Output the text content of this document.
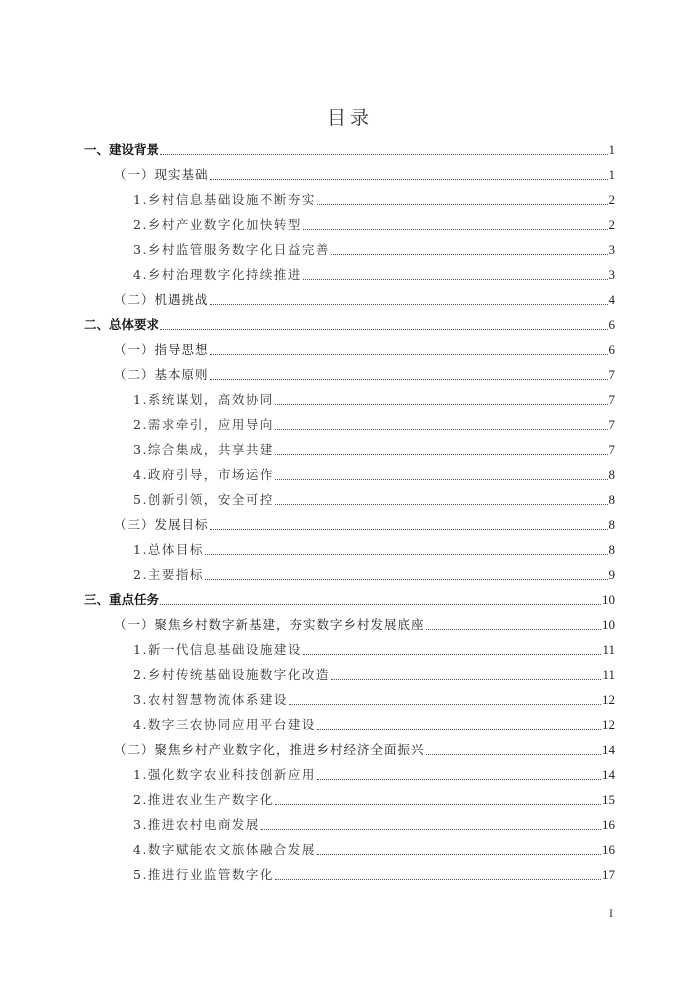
目录
一、建设背景	1
（一）现实基础	1
1.乡村信息基础设施不断夯实	2
2.乡村产业数字化加快转型	2
3.乡村监管服务数字化日益完善	3
4.乡村治理数字化持续推进	3
（二）机遇挑战	4
二、总体要求	6
（一）指导思想	6
（二）基本原则	7
1.系统谋划，高效协同	7
2.需求牵引，应用导向	7
3.综合集成，共享共建	7
4.政府引导，市场运作	8
5.创新引领，安全可控	8
（三）发展目标	8
1.总体目标	8
2.主要指标	9
三、重点任务	10
（一）聚焦乡村数字新基建，夯实数字乡村发展底座	10
1.新一代信息基础设施建设	11
2.乡村传统基础设施数字化改造	11
3.农村智慧物流体系建设	12
4.数字三农协同应用平台建设	12
（二）聚焦乡村产业数字化，推进乡村经济全面振兴	14
1.强化数字农业科技创新应用	14
2.推进农业生产数字化	15
3.推进农村电商发展	16
4.数字赋能农文旅体融合发展	16
5.推进行业监管数字化	17
I
